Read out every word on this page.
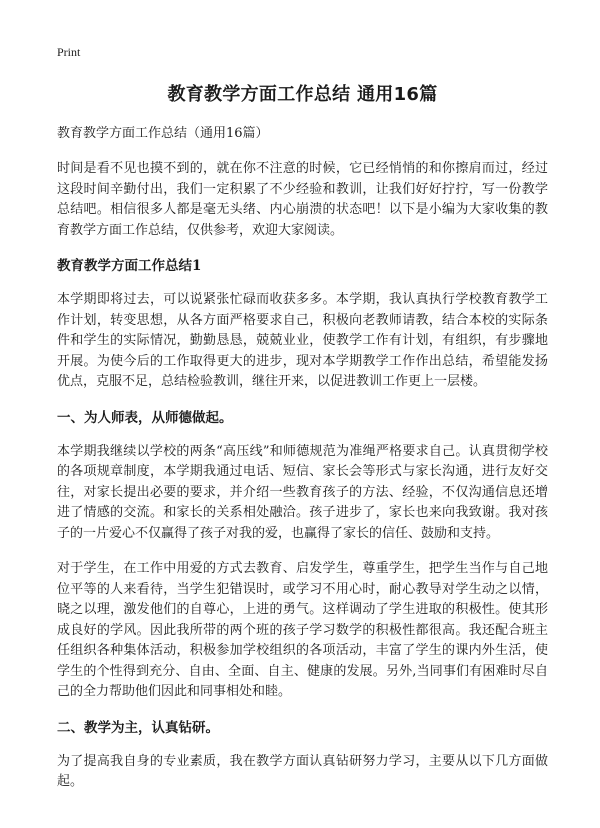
Print
教育教学方面工作总结 通用16篇
教育教学方面工作总结（通用16篇）

时间是看不见也摸不到的，就在你不注意的时候，它已经悄悄的和你擦肩而过，经过这段时间辛勤付出，我们一定积累了不少经验和教训，让我们好好拧拧，写一份教学总结吧。相信很多人都是毫无头绪、内心崩溃的状态吧！以下是小编为大家收集的教育教学方面工作总结，仅供参考，欢迎大家阅读。

教育教学方面工作总结1

本学期即将过去，可以说紧张忙碌而收获多多。本学期，我认真执行学校教育教学工作计划，转变思想，从各方面严格要求自己，积极向老教师请教，结合本校的实际条件和学生的实际情况，勤勤恳恳，兢兢业业，使教学工作有计划，有组织，有步骤地开展。为使今后的工作取得更大的进步，现对本学期教学工作作出总结，希望能发扬优点，克服不足，总结检验教训，继往开来，以促进教训工作更上一层楼。

一、为人师表，从师德做起。

本学期我继续以学校的两条“高压线”和师德规范为准绳严格要求自己。认真贯彻学校的各项规章制度，本学期我通过电话、短信、家长会等形式与家长沟通，进行友好交往，对家长提出必要的要求，并介绍一些教育孩子的方法、经验，不仅沟通信息还增进了情感的交流。和家长的关系相处融洽。孩子进步了，家长也来向我致谢。我对孩子的一片爱心不仅赢得了孩子对我的爱，也赢得了家长的信任、鼓励和支持。

对于学生，在工作中用爱的方式去教育、启发学生，尊重学生，把学生当作与自己地位平等的人来看待，当学生犯错误时，或学习不用心时，耐心教导对学生动之以情，晓之以理，激发他们的自尊心，上进的勇气。这样调动了学生进取的积极性。使其形成良好的学风。因此我所带的两个班的孩子学习数学的积极性都很高。我还配合班主任组织各种集体活动，积极参加学校组织的各项活动，丰富了学生的课内外生活，使学生的个性得到充分、自由、全面、自主、健康的发展。另外,当同事们有困难时尽自己的全力帮助他们因此和同事相处和睦。

二、教学为主，认真钻研。

为了提高我自身的专业素质，我在教学方面认真钻研努力学习，主要从以下几方面做起。
